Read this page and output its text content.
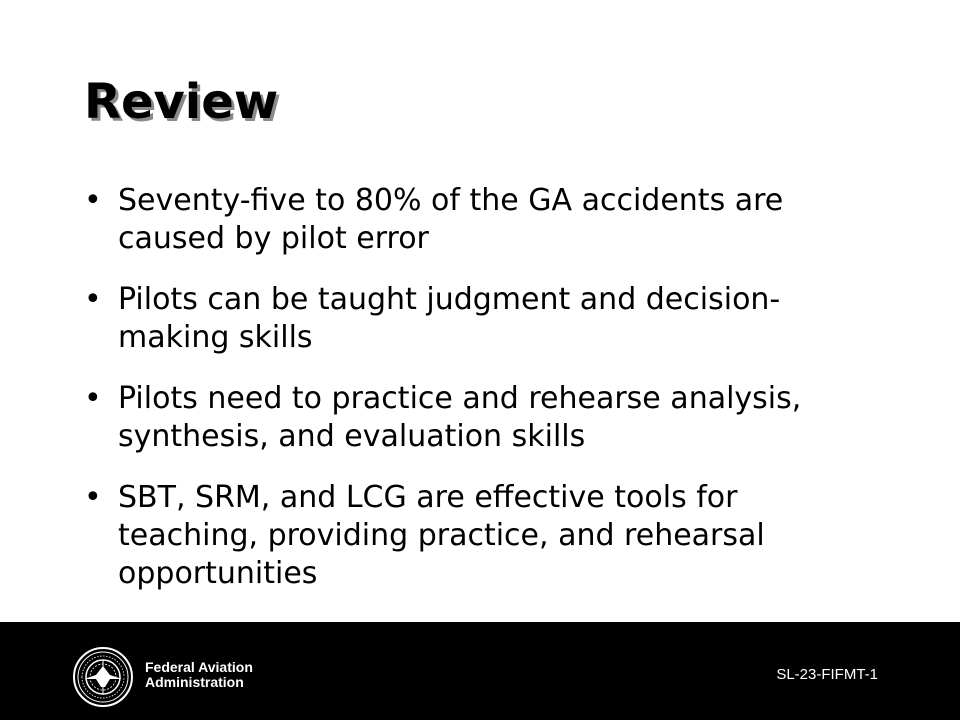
Review
• Seventy-five to 80% of the GA accidents are caused by pilot error
• Pilots can be taught judgment and decision-making skills
• Pilots need to practice and rehearse analysis, synthesis, and evaluation skills
• SBT, SRM, and LCG are effective tools for teaching, providing practice, and rehearsal opportunities
Federal Aviation
Administration	SL-23-FIFMT-1
